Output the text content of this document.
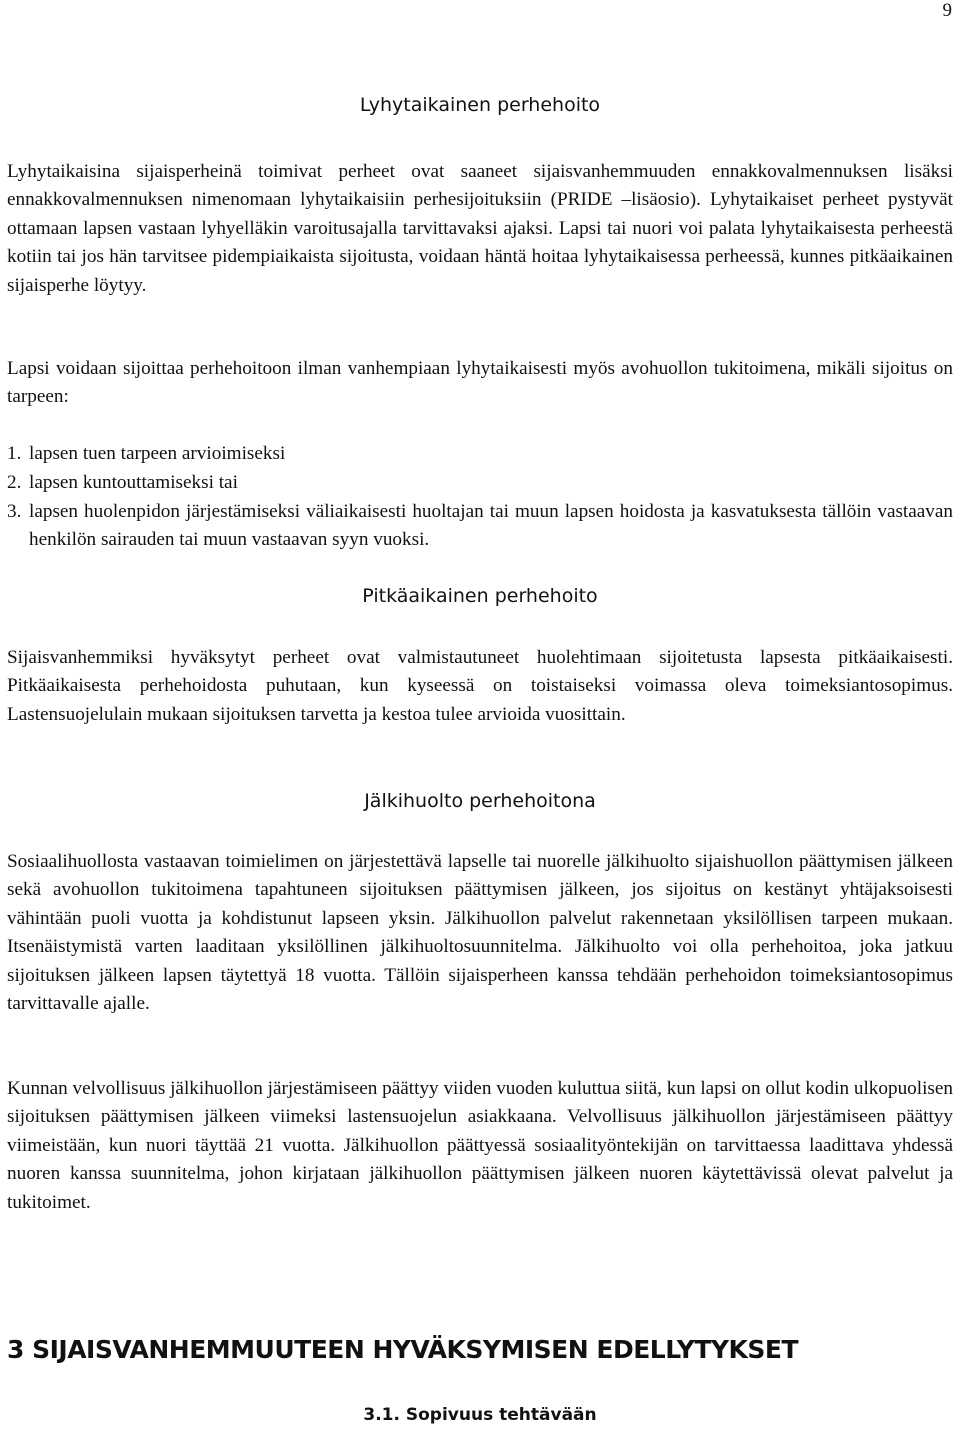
9
Lyhytaikainen perhehoito

Lyhytaikaisina sijaisperheinä toimivat perheet ovat saaneet sijaisvanhemmuuden ennakkovalmennuksen lisäksi ennakkovalmennuksen nimenomaan lyhytaikaisiin perhesijoituksiin (PRIDE –lisäosio). Lyhytaikaiset perheet pystyvät ottamaan lapsen vastaan lyhyelläkin varoitusajalla tarvittavaksi ajaksi. Lapsi tai nuori voi palata lyhytaikaisesta perheestä kotiin tai jos hän tarvitsee pidempiaikaista sijoitusta, voidaan häntä hoitaa lyhytaikaisessa perheessä, kunnes pitkäaikainen sijaisperhe löytyy.

Lapsi voidaan sijoittaa perhehoitoon ilman vanhempiaan lyhytaikaisesti myös avohuollon tukitoimena, mikäli sijoitus on tarpeen:

1. lapsen tuen tarpeen arvioimiseksi
2. lapsen kuntouttamiseksi tai
3. lapsen huolenpidon järjestämiseksi väliaikaisesti huoltajan tai muun lapsen hoidosta ja kasvatuksesta tällöin vastaavan henkilön sairauden tai muun vastaavan syyn vuoksi.
Pitkäaikainen perhehoito

Sijaisvanhemmiksi hyväksytyt perheet ovat valmistautuneet huolehtimaan sijoitetusta lapsesta pitkäaikaisesti. Pitkäaikaisesta perhehoidosta puhutaan, kun kyseessä on toistaiseksi voimassa oleva toimeksiantosopimus. Lastensuojelulain mukaan sijoituksen tarvetta ja kestoa tulee arvioida vuosittain.

Jälkihuolto perhehoitona

Sosiaalihuollosta vastaavan toimielimen on järjestettävä lapselle tai nuorelle jälkihuolto sijaishuollon päättymisen jälkeen sekä avohuollon tukitoimena tapahtuneen sijoituksen päättymisen jälkeen, jos sijoitus on kestänyt yhtäjaksoisesti vähintään puoli vuotta ja kohdistunut lapseen yksin. Jälkihuollon palvelut rakennetaan yksilöllisen tarpeen mukaan. Itsenäistymistä varten laaditaan yksilöllinen jälkihuoltosuunnitelma. Jälkihuolto voi olla perhehoitoa, joka jatkuu sijoituksen jälkeen lapsen täytettyä 18 vuotta. Tällöin sijaisperheen kanssa tehdään perhehoidon toimeksiantosopimus tarvittavalle ajalle.

Kunnan velvollisuus jälkihuollon järjestämiseen päättyy viiden vuoden kuluttua siitä, kun lapsi on ollut kodin ulkopuolisen sijoituksen päättymisen jälkeen viimeksi lastensuojelun asiakkaana. Velvollisuus jälkihuollon järjestämiseen päättyy viimeistään, kun nuori täyttää 21 vuotta. Jälkihuollon päättyessä sosiaalityöntekijän on tarvittaessa laadittava yhdessä nuoren kanssa suunnitelma, johon kirjataan jälkihuollon päättymisen jälkeen nuoren käytettävissä olevat palvelut ja tukitoimet.

3 SIJAISVANHEMMUUTEEN HYVÄKSYMISEN EDELLYTYKSET
3.1. Sopivuus tehtävään
